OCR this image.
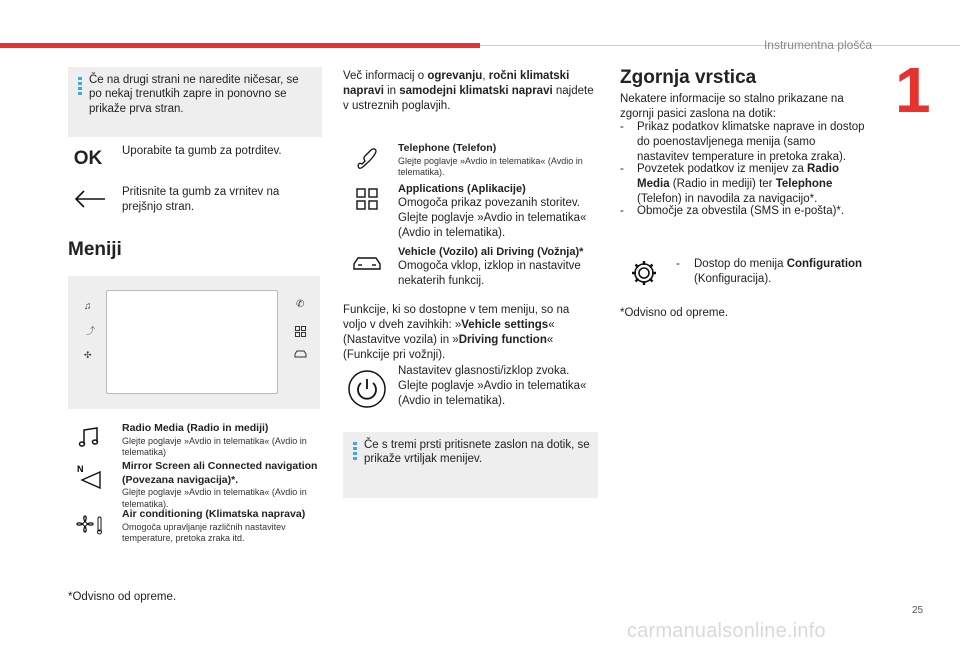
Instrumentna plošča
1
Če na drugi strani ne naredite ničesar, se po nekaj trenutkih zapre in ponovno se prikaže prva stran.
OK	Uporabite ta gumb za potrditev.
Pritisnite ta gumb za vrnitev na prejšnjo stran.
Meniji
♫
⤴
✣
✆
Radio Media (Radio in mediji)
Glejte poglavje »Avdio in telematika« (Avdio in telematika)
N	Mirror Screen ali Connected navigation (Povezana navigacija)*.
Glejte poglavje »Avdio in telematika« (Avdio in telematika).
Air conditioning (Klimatska naprava)
Omogoča upravljanje različnih nastavitev temperature, pretoka zraka itd.
*Odvisno od opreme.
Več informacij o ogrevanju, ročni klimatski napravi in samodejni klimatski napravi najdete v ustreznih poglavjih.
Telephone (Telefon)
Glejte poglavje »Avdio in telematika« (Avdio in telematika).
Applications (Aplikacije)
Omogoča prikaz povezanih storitev. Glejte poglavje »Avdio in telematika« (Avdio in telematika).
Vehicle (Vozilo) ali Driving (Vožnja)*
Omogoča vklop, izklop in nastavitve nekaterih funkcij.
Funkcije, ki so dostopne v tem meniju, so na voljo v dveh zavihkih: »Vehicle settings« (Nastavitve vozila) in »Driving function« (Funkcije pri vožnji).
Nastavitev glasnosti/izklop zvoka. Glejte poglavje »Avdio in telematika« (Avdio in telematika).
Če s tremi prsti pritisnete zaslon na dotik, se prikaže vrtiljak menijev.
Zgornja vrstica
Nekatere informacije so stalno prikazane na zgornji pasici zaslona na dotik:
-	Prikaz podatkov klimatske naprave in dostop do poenostavljenega menija (samo nastavitev temperature in pretoka zraka).
-	Povzetek podatkov iz menijev za Radio Media (Radio in mediji) ter Telephone (Telefon) in navodila za navigacijo*.
-	Območje za obvestila (SMS in e-pošta)*.
-	Dostop do menija Configuration (Konfiguracija).
*Odvisno od opreme.
25
carmanualsonline.info
